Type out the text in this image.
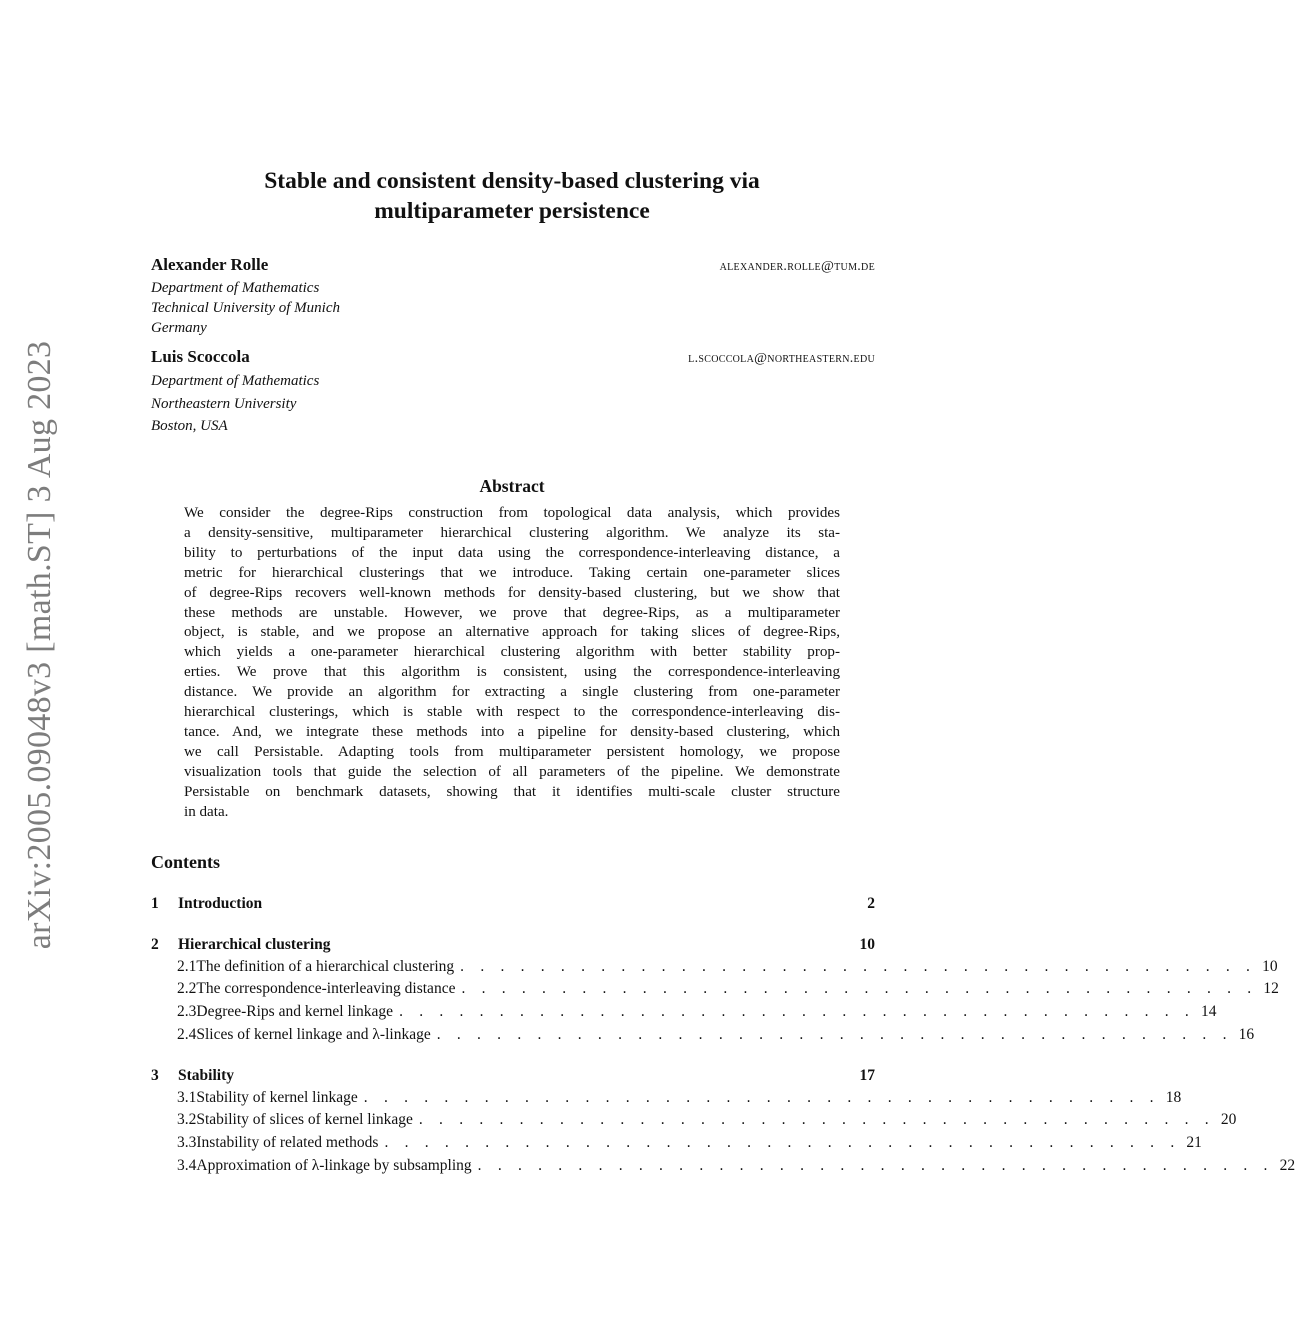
arXiv:2005.09048v3 [math.ST] 3 Aug 2023
Stable and consistent density-based clustering via
multiparameter persistence
Alexander Rolle	alexander.rolle@tum.de
Department of Mathematics
Technical University of Munich
Germany
Luis Scoccola	l.scoccola@northeastern.edu
Department of Mathematics
Northeastern University
Boston, USA
Abstract
We consider the degree-Rips construction from topological data analysis, which provides
a density-sensitive, multiparameter hierarchical clustering algorithm. We analyze its sta-
bility to perturbations of the input data using the correspondence-interleaving distance, a
metric for hierarchical clusterings that we introduce. Taking certain one-parameter slices
of degree-Rips recovers well-known methods for density-based clustering, but we show that
these methods are unstable. However, we prove that degree-Rips, as a multiparameter
object, is stable, and we propose an alternative approach for taking slices of degree-Rips,
which yields a one-parameter hierarchical clustering algorithm with better stability prop-
erties. We prove that this algorithm is consistent, using the correspondence-interleaving
distance. We provide an algorithm for extracting a single clustering from one-parameter
hierarchical clusterings, which is stable with respect to the correspondence-interleaving dis-
tance. And, we integrate these methods into a pipeline for density-based clustering, which
we call Persistable. Adapting tools from multiparameter persistent homology, we propose
visualization tools that guide the selection of all parameters of the pipeline. We demonstrate
Persistable on benchmark datasets, showing that it identifies multi-scale cluster structure
in data.
Contents
1	Introduction	2
2	Hierarchical clustering	10
2.1 The definition of a hierarchical clustering . . . . . . . . . . . . . . . . . . . . . . . . . . . . . . . . . . . . . . . . 10
2.2 The correspondence-interleaving distance . . . . . . . . . . . . . . . . . . . . . . . . . . . . . . . . . . . . . . . . 12
2.3 Degree-Rips and kernel linkage . . . . . . . . . . . . . . . . . . . . . . . . . . . . . . . . . . . . . . . . 14
2.4 Slices of kernel linkage and λ-linkage . . . . . . . . . . . . . . . . . . . . . . . . . . . . . . . . . . . . . . . . 16
3	Stability	17
3.1 Stability of kernel linkage . . . . . . . . . . . . . . . . . . . . . . . . . . . . . . . . . . . . . . . . 18
3.2 Stability of slices of kernel linkage . . . . . . . . . . . . . . . . . . . . . . . . . . . . . . . . . . . . . . . . 20
3.3 Instability of related methods . . . . . . . . . . . . . . . . . . . . . . . . . . . . . . . . . . . . . . . . 21
3.4 Approximation of λ-linkage by subsampling . . . . . . . . . . . . . . . . . . . . . . . . . . . . . . . . . . . . . . . . 22
